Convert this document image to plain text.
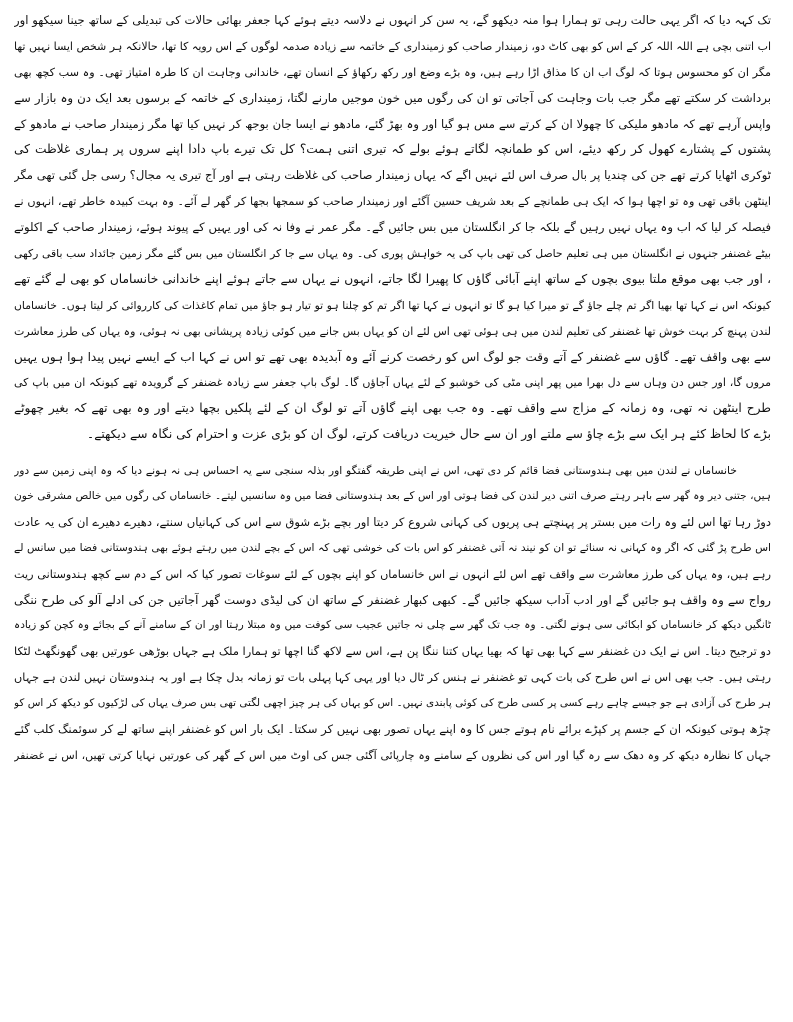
تک کہہ دیا کہ اگر یہی حالت رہی تو ہمارا ہوا منہ دیکھو گے، یہ سن کر انہوں نے دلاسہ دیتے ہوئے کہا جعفر بھائی حالات کی تبدیلی کے ساتھ جینا سیکھو اور
اب اتنی بچی ہے اللہ اللہ کر کے اس کو بھی کاٹ دو، زمیندار صاحب کو زمینداری کے خاتمہ سے زیادہ صدمہ لوگوں کے اس رویہ کا تھا، حالانکہ ہر شخص ایسا نہیں تھا
مگر ان کو محسوس ہوتا کہ لوگ اب ان کا مذاق اڑا رہے ہیں، وہ بڑے وضع اور رکھ رکھاؤ کے انسان تھے، خاندانی وجاہت ان کا طرہ امتیاز تھی۔ وہ سب کچھ بھی
برداشت کر سکتے تھے مگر جب بات وجاہت کی آجاتی تو ان کی رگوں میں خون موجیں مارنے لگتا، زمینداری کے خاتمہ کے برسوں بعد ایک دن وہ بازار سے
واپس آرہے تھے کہ مادھو ملیکی کا چھولا ان کے کرتے سے مس ہو گیا اور وہ بھڑ گئے، مادھو نے ایسا جان بوجھ کر نہیں کیا تھا مگر زمیندار صاحب نے مادھو کے
پشتوں کے پشتارے کھول کر رکھ دیئے، اس کو طمانچہ لگاتے ہوئے بولے کہ تیری اتنی ہمت؟ کل تک تیرے باپ دادا اپنے سروں پر ہماری غلاظت کی
ٹوکری اٹھایا کرتے تھے جن کی چندیا پر بال صرف اس لئے نہیں اگے کہ یہاں زمیندار صاحب کی غلاظت رہتی ہے اور آج تیری یہ مجال؟ رسی جل گئی تھی مگر
اینٹھن باقی تھی وہ تو اچھا ہوا کہ ایک ہی طمانچے کے بعد شریف حسین آگئے اور زمیندار صاحب کو سمجھا بجھا کر گھر لے آئے۔ وہ بہت کبیدہ خاطر تھے، انہوں نے
فیصلہ کر لیا کہ اب وہ یہاں نہیں رہیں گے بلکہ جا کر انگلستان میں بس جائیں گے۔ مگر عمر نے وفا نہ کی اور یہیں کے پیوند ہوئے، زمیندار صاحب کے اکلوتے
بیٹے غضنفر جنہوں نے انگلستان میں ہی تعلیم حاصل کی تھی باپ کی یہ خواہش پوری کی۔ وہ یہاں سے جا کر انگلستان میں بس گئے مگر زمین جائداد سب باقی رکھی
، اور جب بھی موقع ملتا بیوی بچوں کے ساتھ اپنے آبائی گاؤں کا پھیرا لگا جاتے، انہوں نے یہاں سے جاتے ہوئے اپنے خاندانی خانساماں کو بھی لے گئے تھے
کیونکہ اس نے کہا تھا بھیا اگر تم چلے جاؤ گے تو میرا کیا ہو گا تو انہوں نے کہا تھا اگر تم کو چلنا ہو تو تیار ہو جاؤ میں تمام کاغذات کی کارروائی کر لیتا ہوں۔ خانساماں
لندن پہنچ کر بہت خوش تھا غضنفر کی تعلیم لندن میں ہی ہوئی تھی اس لئے ان کو یہاں بس جانے میں کوئی زیادہ پریشانی بھی نہ ہوئی، وہ یہاں کی طرز معاشرت
سے بھی واقف تھے۔ گاؤں سے غضنفر کے آتے وقت جو لوگ اس کو رخصت کرنے آئے وہ آبدیدہ بھی تھے تو اس نے کہا اب کے ایسے نہیں پیدا ہوا ہوں یہیں
مروں گا، اور جس دن وہاں سے دل بھرا میں پھر اپنی مٹی کی خوشبو کے لئے یہاں آجاؤں گا۔ لوگ باپ جعفر سے زیادہ غضنفر کے گرویدہ تھے کیونکہ ان میں باپ کی
طرح اینٹھن نہ تھی، وہ زمانہ کے مزاج سے واقف تھے۔ وہ جب بھی اپنے گاؤں آتے تو لوگ ان کے لئے پلکیں بچھا دیتے اور وہ بھی تھے کہ بغیر چھوٹے
بڑے کا لحاظ کئے ہر ایک سے بڑے چاؤ سے ملتے اور ان سے حال خیریت دریافت کرتے، لوگ ان کو بڑی عزت و احترام کی نگاہ سے دیکھتے۔
خانساماں نے لندن میں بھی ہندوستانی فضا قائم کر دی تھی، اس نے اپنی طریقہ گفتگو اور بذلہ سنجی سے یہ احساس ہی نہ ہونے دیا کہ وہ اپنی زمین سے دور
ہیں، جتنی دیر وہ گھر سے باہر رہتے صرف اتنی دیر لندن کی فضا ہوتی اور اس کے بعد ہندوستانی فضا میں وہ سانسیں لیتے۔ خانساماں کی رگوں میں خالص مشرقی خون
دوڑ رہا تھا اس لئے وہ رات میں بستر پر پہنچتے ہی پریوں کی کہانی شروع کر دیتا اور بچے بڑے شوق سے اس کی کہانیاں سنتے، دھیرے دھیرے ان کی یہ عادت
اس طرح پڑ گئی کہ اگر وہ کہانی نہ سنائے تو ان کو نیند نہ آتی غضنفر کو اس بات کی خوشی تھی کہ اس کے بچے لندن میں رہتے ہوئے بھی ہندوستانی فضا میں سانس لے
رہے ہیں، وہ یہاں کی طرز معاشرت سے واقف تھے اس لئے انہوں نے اس خانساماں کو اپنے بچوں کے لئے سوغات تصور کیا کہ اس کے دم سے کچھ ہندوستانی ریت
رواج سے وہ واقف ہو جائیں گے اور ادب آداب سیکھ جائیں گے۔ کبھی کبھار غضنفر کے ساتھ ان کی لیڈی دوست گھر آجاتیں جن کی ادلے آلو کی طرح ننگی
ٹانگیں دیکھ کر خانساماں کو ابکائی سی ہونے لگتی۔ وہ جب تک گھر سے چلی نہ جاتیں عجیب سی کوفت میں وہ مبتلا رہتا اور ان کے سامنے آنے کے بجائے وہ کچن کو زیادہ
دو ترجیح دیتا۔ اس نے ایک دن غضنفر سے کہا بھی تھا کہ بھیا یہاں کتنا ننگا پن ہے، اس سے لاکھ گنا اچھا تو ہمارا ملک ہے جہاں بوڑھی عورتیں بھی گھونگھٹ لٹکا
رہتی ہیں۔ جب بھی اس نے اس طرح کی بات کہی تو غضنفر نے ہنس کر ٹال دیا اور یہی کہا پہلی بات تو زمانہ بدل چکا ہے اور یہ ہندوستان نہیں لندن ہے جہاں
ہر طرح کی آزادی ہے جو جیسے چاہے رہے کسی پر کسی طرح کی کوئی پابندی نہیں۔ اس کو یہاں کی ہر چیز اچھی لگتی تھی بس صرف یہاں کی لڑکیوں کو دیکھ کر اس کو
چڑھ ہوتی کیونکہ ان کے جسم پر کپڑے برائے نام ہوتے جس کا وہ اپنے یہاں تصور بھی نہیں کر سکتا۔ ایک بار اس کو غضنفر اپنے ساتھ لے کر سوئمنگ کلب گئے
جہاں کا نظارہ دیکھ کر وہ دھک سے رہ گیا اور اس کی نظروں کے سامنے وہ چارپائی آگئی جس کی اوٹ میں اس کے گھر کی عورتیں نہایا کرتی تھیں، اس نے غضنفر
